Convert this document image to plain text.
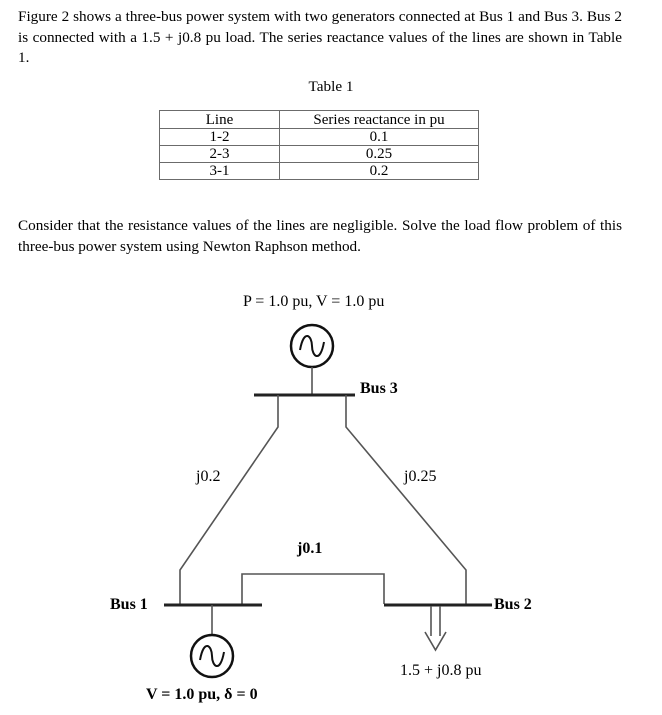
Figure 2 shows a three-bus power system with two generators connected at Bus 1 and Bus 3. Bus 2 is connected with a 1.5 + j0.8 pu load. The series reactance values of the lines are shown in Table 1.

Table 1

Line	Series reactance in pu
1-2	0.1
2-3	0.25
3-1	0.2

Consider that the resistance values of the lines are negligible. Solve the load flow problem of this three-bus power system using Newton Raphson method.

P = 1.0 pu, V = 1.0 pu
Bus 3
j0.2	j0.25
j0.1
Bus 1	Bus 2
1.5 + j0.8 pu
V = 1.0 pu, δ = 0
